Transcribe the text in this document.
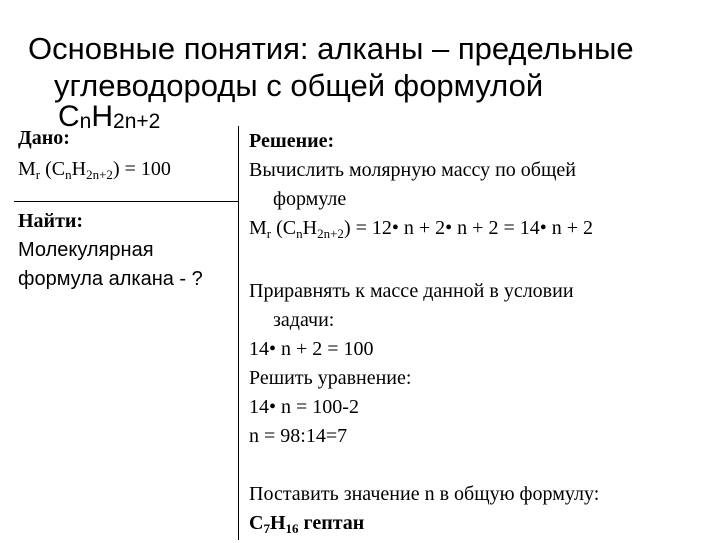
Основные понятия: алканы – предельные
углеводороды с общей формулой
$C_nH_{2n+2}$
Дано:
$M_r$ $(C_nH_{2n+2}) = 100$
Найти:
Молекулярная формула алкана - ?
Решение:
Вычислить молярную массу по общей
формуле
$M_r$ $(C_nH_{2n+2})$ = 12• n + 2• n + 2 = 14• n + 2
Приравнять к массе данной в условии
задачи:
14• n + 2 = 100
Решить уравнение:
14• n = 100-2
n = 98:14=7
Поставить значение n в общую формулу:
$C_7H_{16}$ гептан
